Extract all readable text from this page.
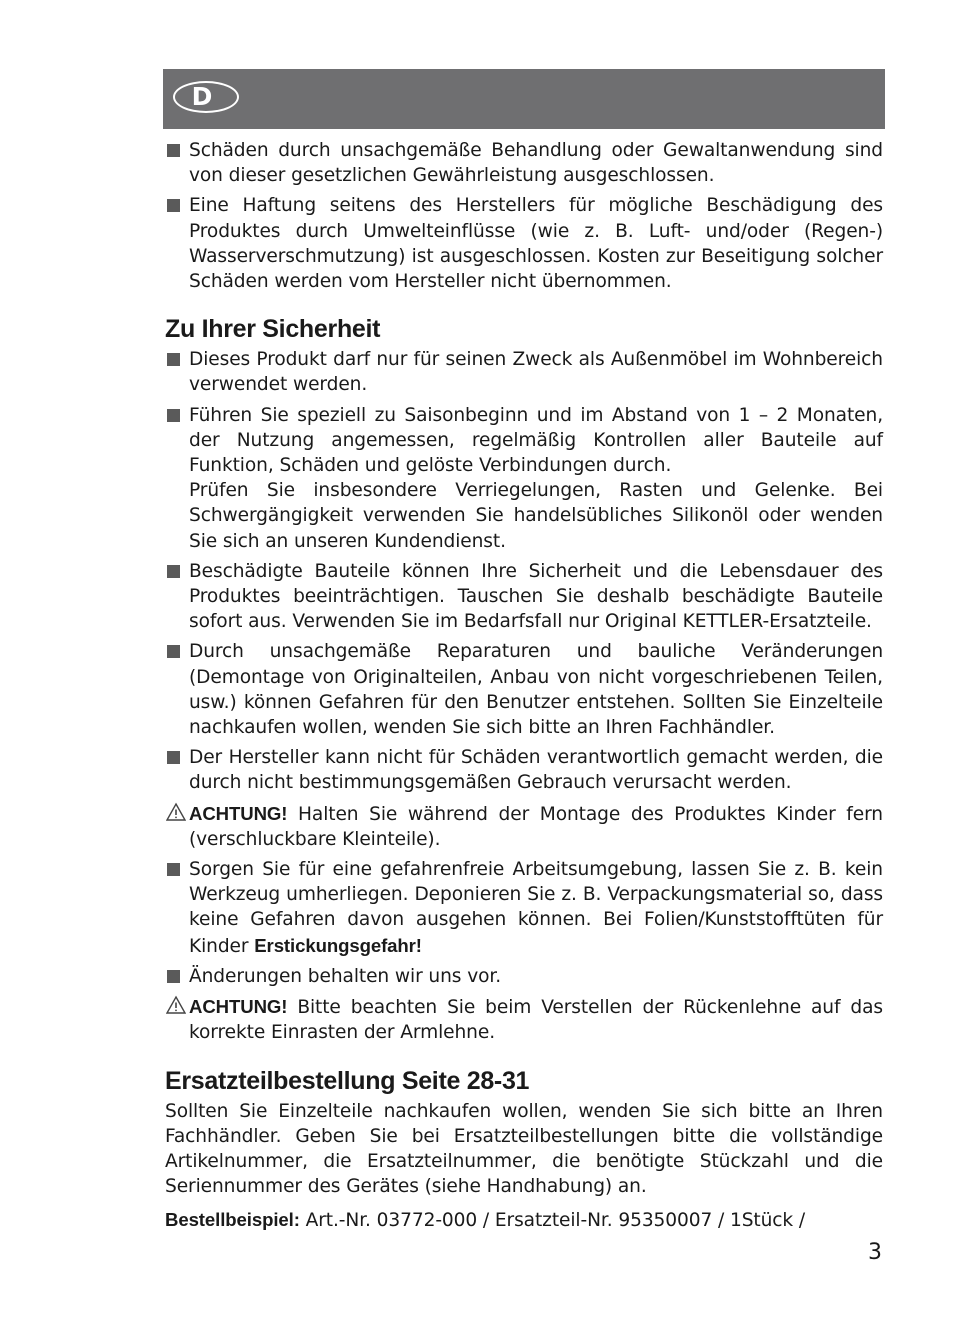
D

Schäden durch unsachgemäße Behandlung oder Gewaltanwendung sind von dieser gesetzlichen Gewährleistung ausgeschlossen.

Eine Haftung seitens des Herstellers für mögliche Beschädigung des Produktes durch Umwelteinflüsse (wie z. B. Luft- und/oder (Regen-) Wasserverschmutzung) ist ausgeschlossen. Kosten zur Beseitigung solcher Schäden werden vom Hersteller nicht übernommen.

Zu Ihrer Sicherheit

Dieses Produkt darf nur für seinen Zweck als Außenmöbel im Wohnbereich verwendet werden.

Führen Sie speziell zu Saisonbeginn und im Abstand von 1 – 2 Monaten, der Nutzung angemessen, regelmäßig Kontrollen aller Bauteile auf Funktion, Schäden und gelöste Verbindungen durch.

Prüfen Sie insbesondere Verriegelungen, Rasten und Gelenke. Bei Schwergängigkeit verwenden Sie handelsübliches Silikonöl oder wenden Sie sich an unseren Kundendienst.

Beschädigte Bauteile können Ihre Sicherheit und die Lebensdauer des Produktes beeinträchtigen. Tauschen Sie deshalb beschädigte Bauteile sofort aus. Verwenden Sie im Bedarfsfall nur Original KETTLER-Ersatzteile.

Durch unsachgemäße Reparaturen und bauliche Veränderungen (Demontage von Originalteilen, Anbau von nicht vorgeschriebenen Teilen, usw.) können Gefahren für den Benutzer entstehen. Sollten Sie Einzelteile nachkaufen wollen, wenden Sie sich bitte an Ihren Fachhändler.

Der Hersteller kann nicht für Schäden verantwortlich gemacht werden, die durch nicht bestimmungsgemäßen Gebrauch verursacht werden.

ACHTUNG! Halten Sie während der Montage des Produktes Kinder fern (verschluckbare Kleinteile).

Sorgen Sie für eine gefahrenfreie Arbeitsumgebung, lassen Sie z. B. kein Werkzeug umherliegen. Deponieren Sie z. B. Verpackungsmaterial so, dass keine Gefahren davon ausgehen können. Bei Folien/Kunststofftüten für Kinder Erstickungsgefahr!

Änderungen behalten wir uns vor.

ACHTUNG! Bitte beachten Sie beim Verstellen der Rückenlehne auf das korrekte Einrasten der Armlehne.

Ersatzteilbestellung Seite 28-31

Sollten Sie Einzelteile nachkaufen wollen, wenden Sie sich bitte an Ihren Fachhändler. Geben Sie bei Ersatzteilbestellungen bitte die vollständige Artikelnummer, die Ersatzteilnummer, die benötigte Stückzahl und die Seriennummer des Gerätes (siehe Handhabung) an.

Bestellbeispiel: Art.-Nr. 03772-000 / Ersatzteil-Nr. 95350007 / 1Stück /

3
